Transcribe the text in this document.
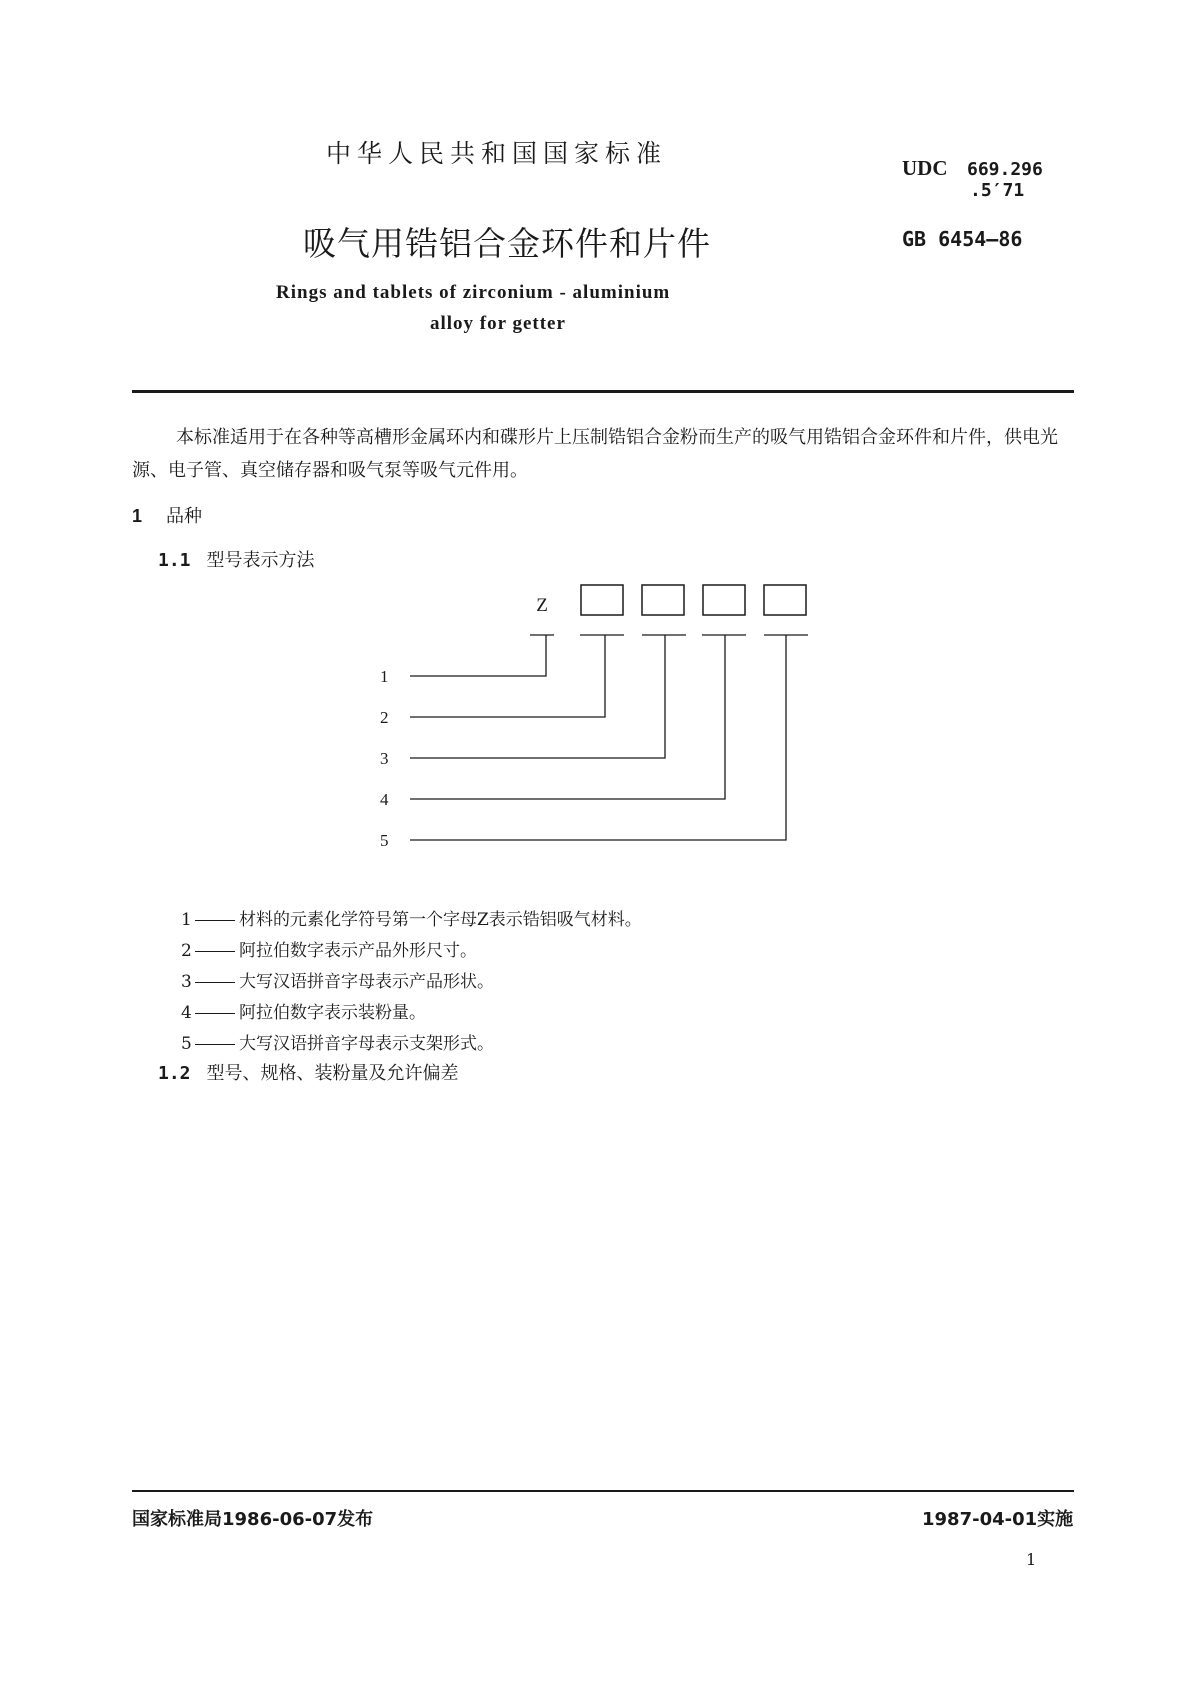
中华人民共和国国家标准	UDC 669.296
.5′71
吸气用锆铝合金环件和片件	GB 6454—86
Rings and tablets of zirconium - aluminium
alloy for getter
本标准适用于在各种等高槽形金属环内和碟形片上压制锆铝合金粉而生产的吸气用锆铝合金环件和片件，供电光源、电子管、真空储存器和吸气泵等吸气元件用。
1 品种
1.1 型号表示方法
Z
1
2
3
4
5
1	材料的元素化学符号第一个字母Z表示锆铝吸气材料。
2	阿拉伯数字表示产品外形尺寸。
3	大写汉语拼音字母表示产品形状。
4	阿拉伯数字表示装粉量。
5	大写汉语拼音字母表示支架形式。
1.2 型号、规格、装粉量及允许偏差
国家标准局1986-06-07发布	1987-04-01实施
1
